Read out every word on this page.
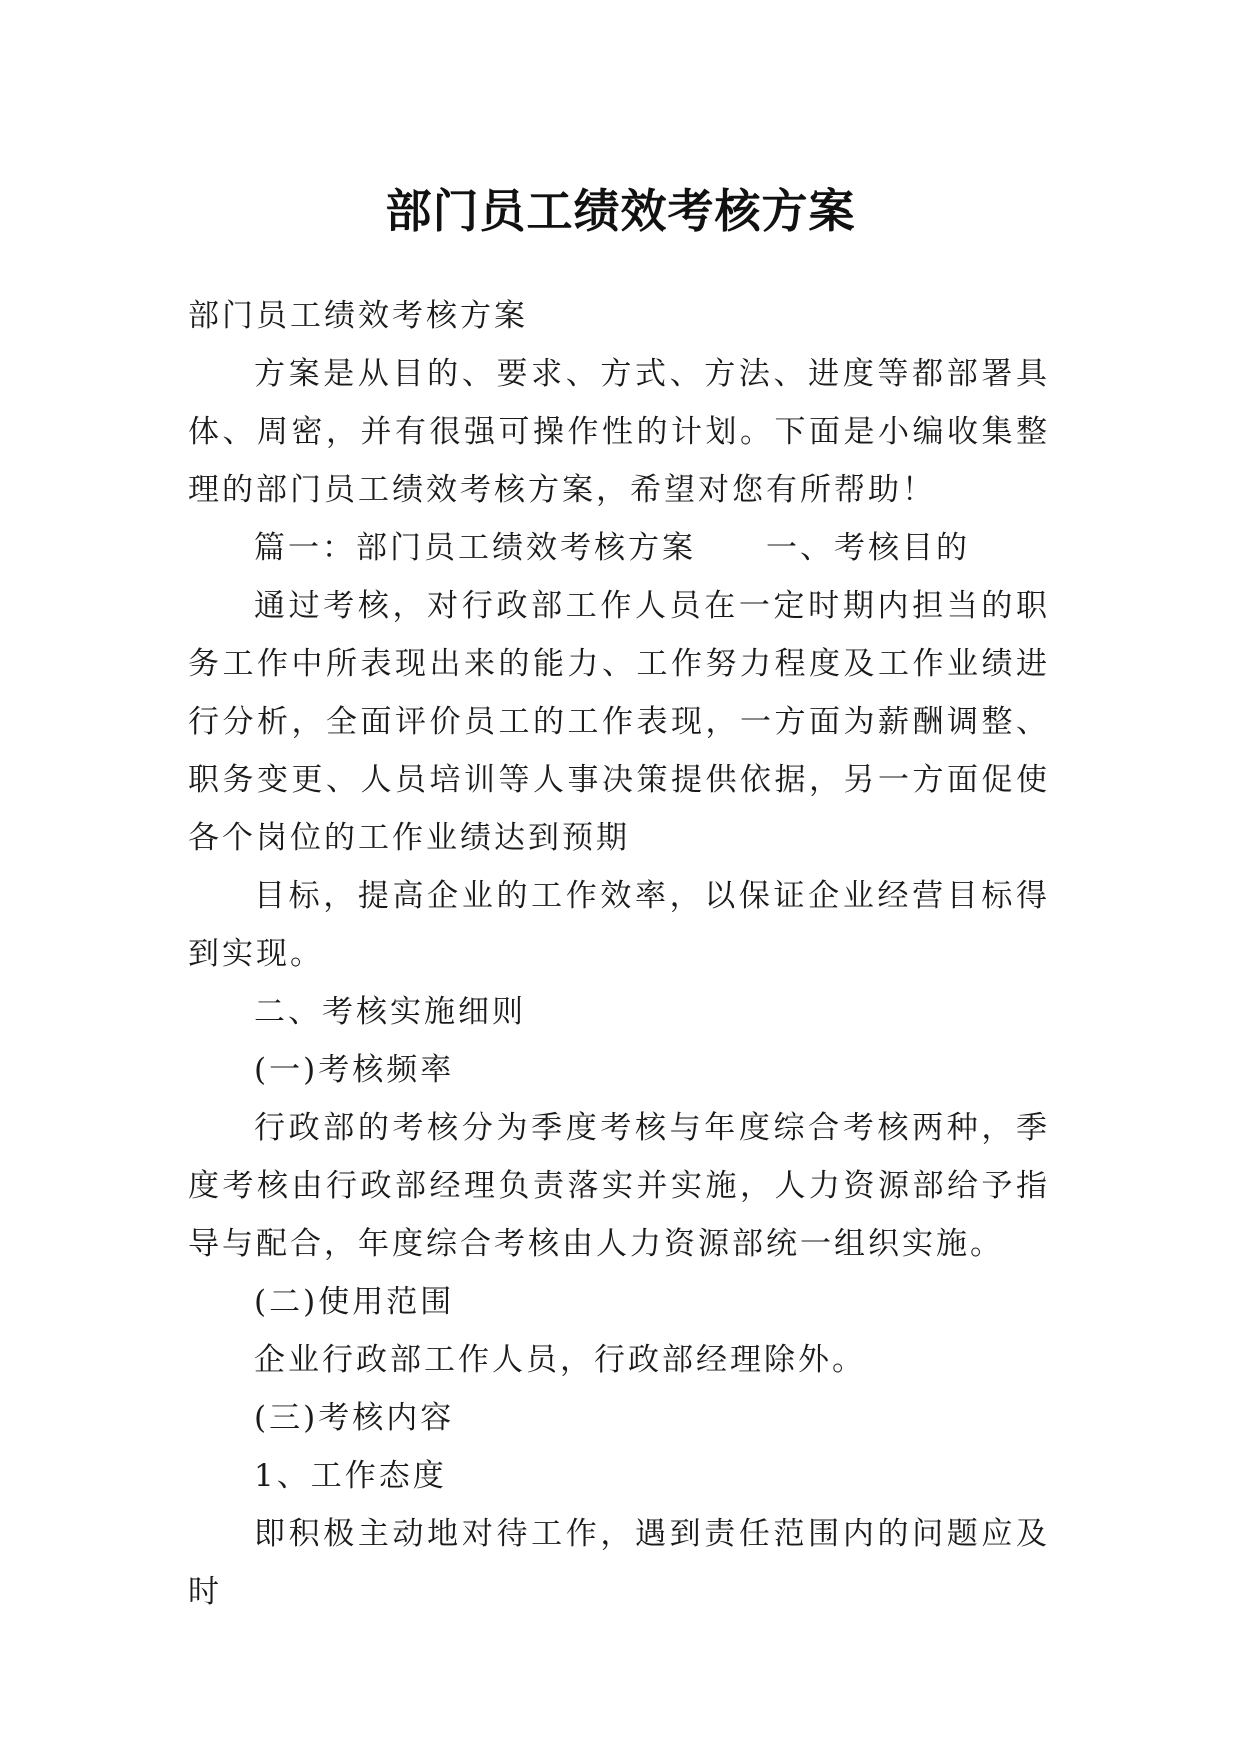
部门员工绩效考核方案

部门员工绩效考核方案

方案是从目的、要求、方式、方法、进度等都部署具体、周密，并有很强可操作性的计划。下面是小编收集整理的部门员工绩效考核方案，希望对您有所帮助！

篇一：部门员工绩效考核方案 一、考核目的

通过考核，对行政部工作人员在一定时期内担当的职务工作中所表现出来的能力、工作努力程度及工作业绩进行分析，全面评价员工的工作表现，一方面为薪酬调整、职务变更、人员培训等人事决策提供依据，另一方面促使各个岗位的工作业绩达到预期

目标，提高企业的工作效率，以保证企业经营目标得到实现。

二、考核实施细则

(一)考核频率

行政部的考核分为季度考核与年度综合考核两种，季度考核由行政部经理负责落实并实施，人力资源部给予指导与配合，年度综合考核由人力资源部统一组织实施。

(二)使用范围

企业行政部工作人员，行政部经理除外。

(三)考核内容

1、工作态度

即积极主动地对待工作，遇到责任范围内的问题应及时
